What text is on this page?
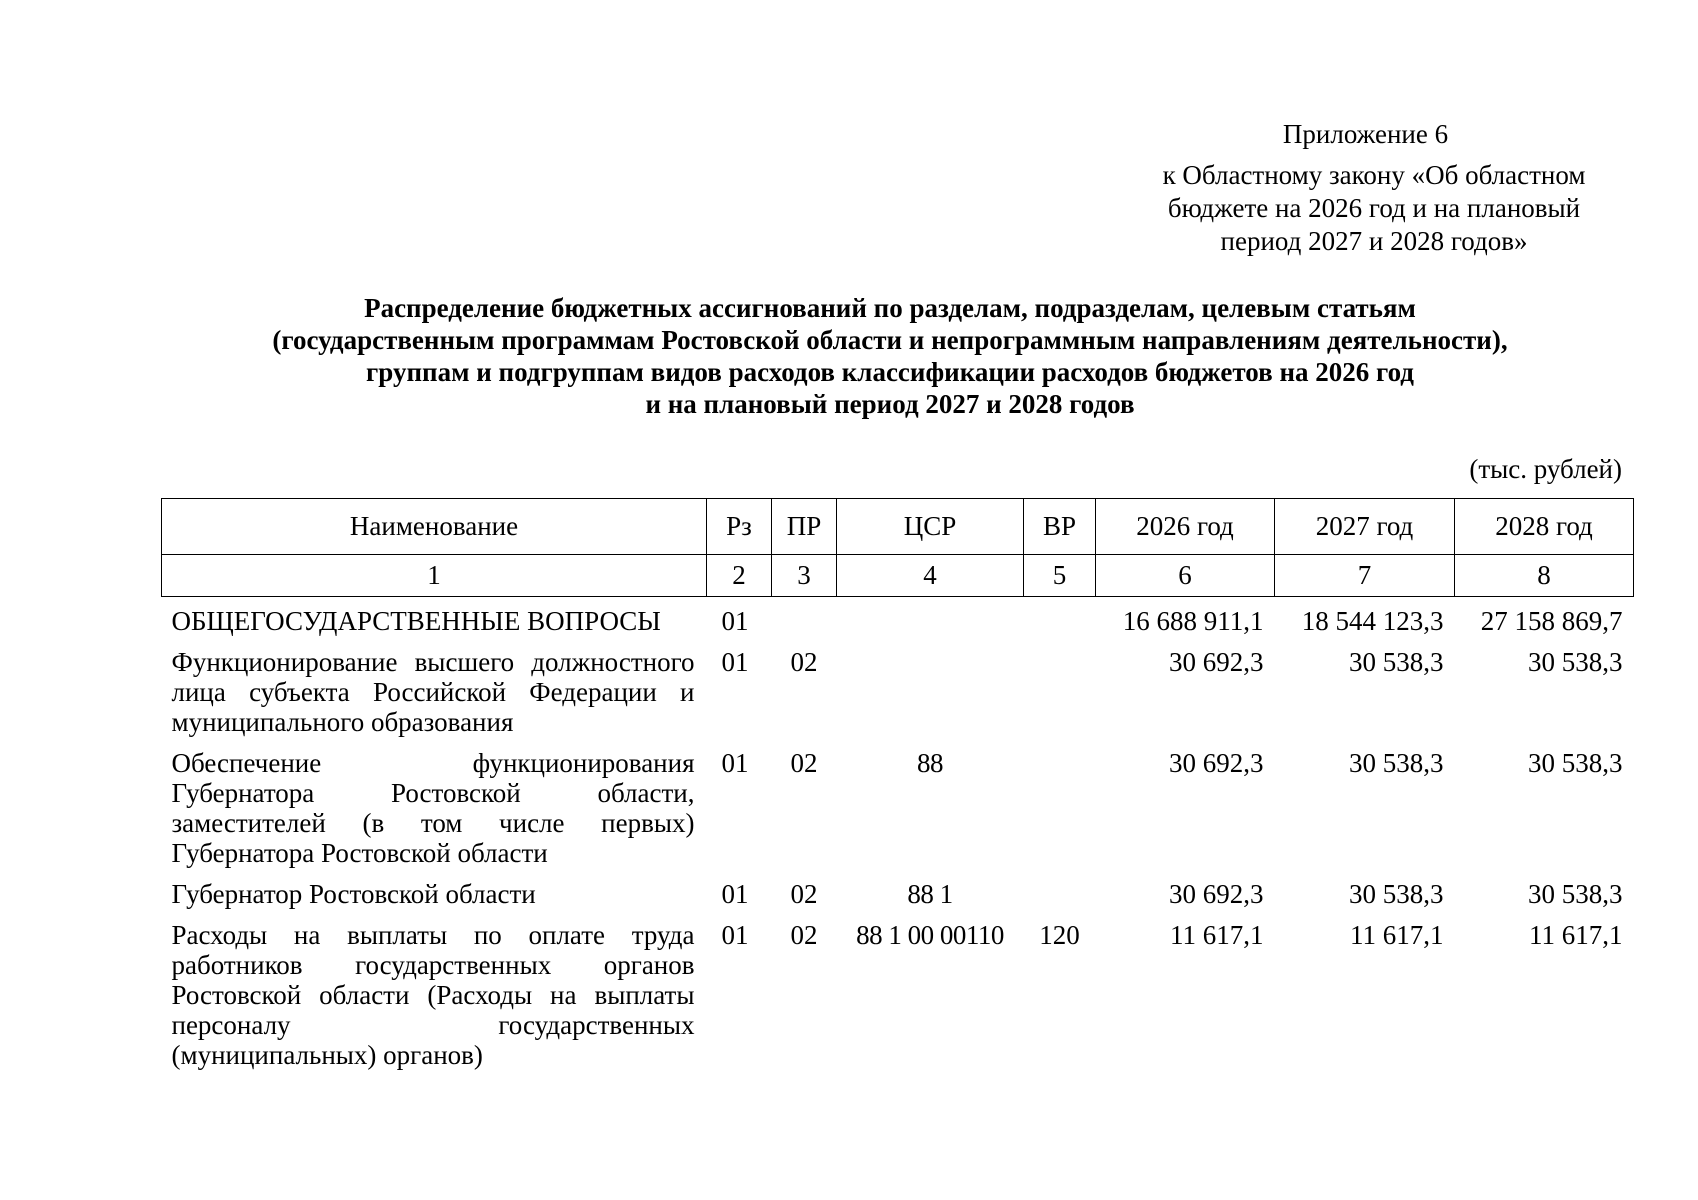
Приложение 6
к Областному закону «Об областном
бюджете на 2026 год и на плановый
период 2027 и 2028 годов»
Распределение бюджетных ассигнований по разделам, подразделам, целевым статьям
(государственным программам Ростовской области и непрограммным направлениям деятельности),
группам и подгруппам видов расходов классификации расходов бюджетов на 2026 год
и на плановый период 2027 и 2028 годов
(тыс. рублей)
Наименование	Рз	ПР	ЦСР	ВР	2026 год	2027 год	2028 год
1	2	3	4	5	6	7	8
ОБЩЕГОСУДАРСТВЕННЫЕ ВОПРОСЫ	01				16 688 911,1	18 544 123,3	27 158 869,7
Функционирование высшего должностного лица субъекта Российской Федерации и муниципального образования	01	02			30 692,3	30 538,3	30 538,3
Обеспечение функционирования Губернатора Ростовской области, заместителей (в том числе первых) Губернатора Ростовской области	01	02	88		30 692,3	30 538,3	30 538,3
Губернатор Ростовской области	01	02	88 1		30 692,3	30 538,3	30 538,3
Расходы на выплаты по оплате труда работников государственных органов Ростовской области (Расходы на выплаты персоналу государственных (муниципальных) органов)	01	02	88 1 00 00110	120	11 617,1	11 617,1	11 617,1
